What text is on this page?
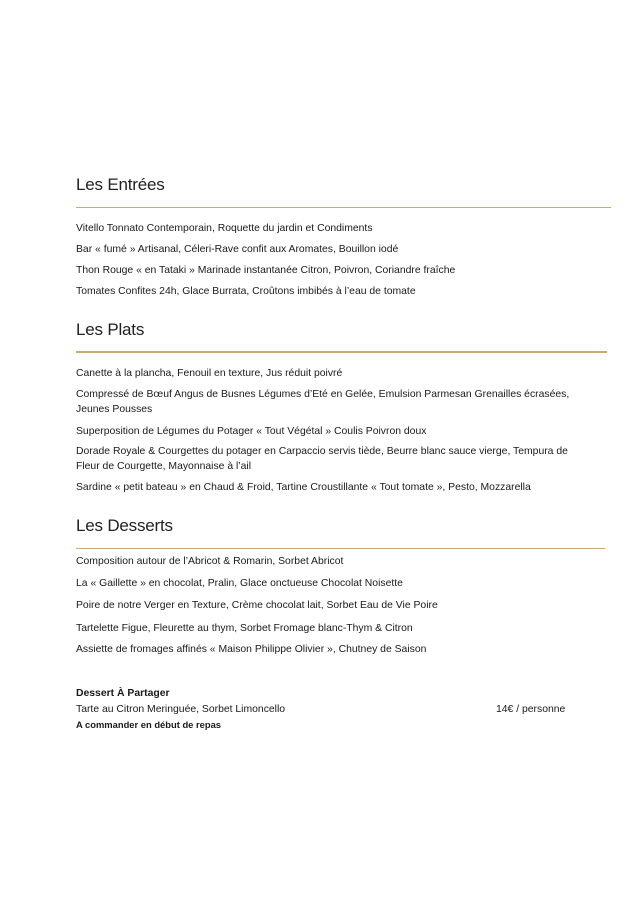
Les Entrées

Vitello Tonnato Contemporain, Roquette du jardin et Condiments

Bar « fumé » Artisanal, Céleri-Rave confit aux Aromates, Bouillon iodé

Thon Rouge « en Tataki » Marinade instantanée Citron, Poivron, Coriandre fraîche

Tomates Confites 24h, Glace Burrata, Croûtons imbibés à l’eau de tomate

Les Plats

Canette à la plancha, Fenouil en texture, Jus réduit poivré

Compressé de Bœuf Angus de Busnes Légumes d’Eté en Gelée, Emulsion Parmesan Grenailles écrasées, Jeunes Pousses

Superposition de Légumes du Potager « Tout Végétal » Coulis Poivron doux

Dorade Royale & Courgettes du potager en Carpaccio servis tiède, Beurre blanc sauce vierge, Tempura de Fleur de Courgette, Mayonnaise à l’ail

Sardine « petit bateau » en Chaud & Froid, Tartine Croustillante « Tout tomate », Pesto, Mozzarella

Les Desserts

Composition autour de l’Abricot & Romarin, Sorbet Abricot

La « Gaillette » en chocolat, Pralin, Glace onctueuse Chocolat Noisette

Poire de notre Verger en Texture, Crème chocolat lait, Sorbet Eau de Vie Poire

Tartelette Figue, Fleurette au thym, Sorbet Fromage blanc-Thym & Citron

Assiette de fromages affinés « Maison Philippe Olivier », Chutney de Saison

Dessert À Partager

Tarte au Citron Meringuée, Sorbet Limoncello	14€ / personne

A commander en début de repas
